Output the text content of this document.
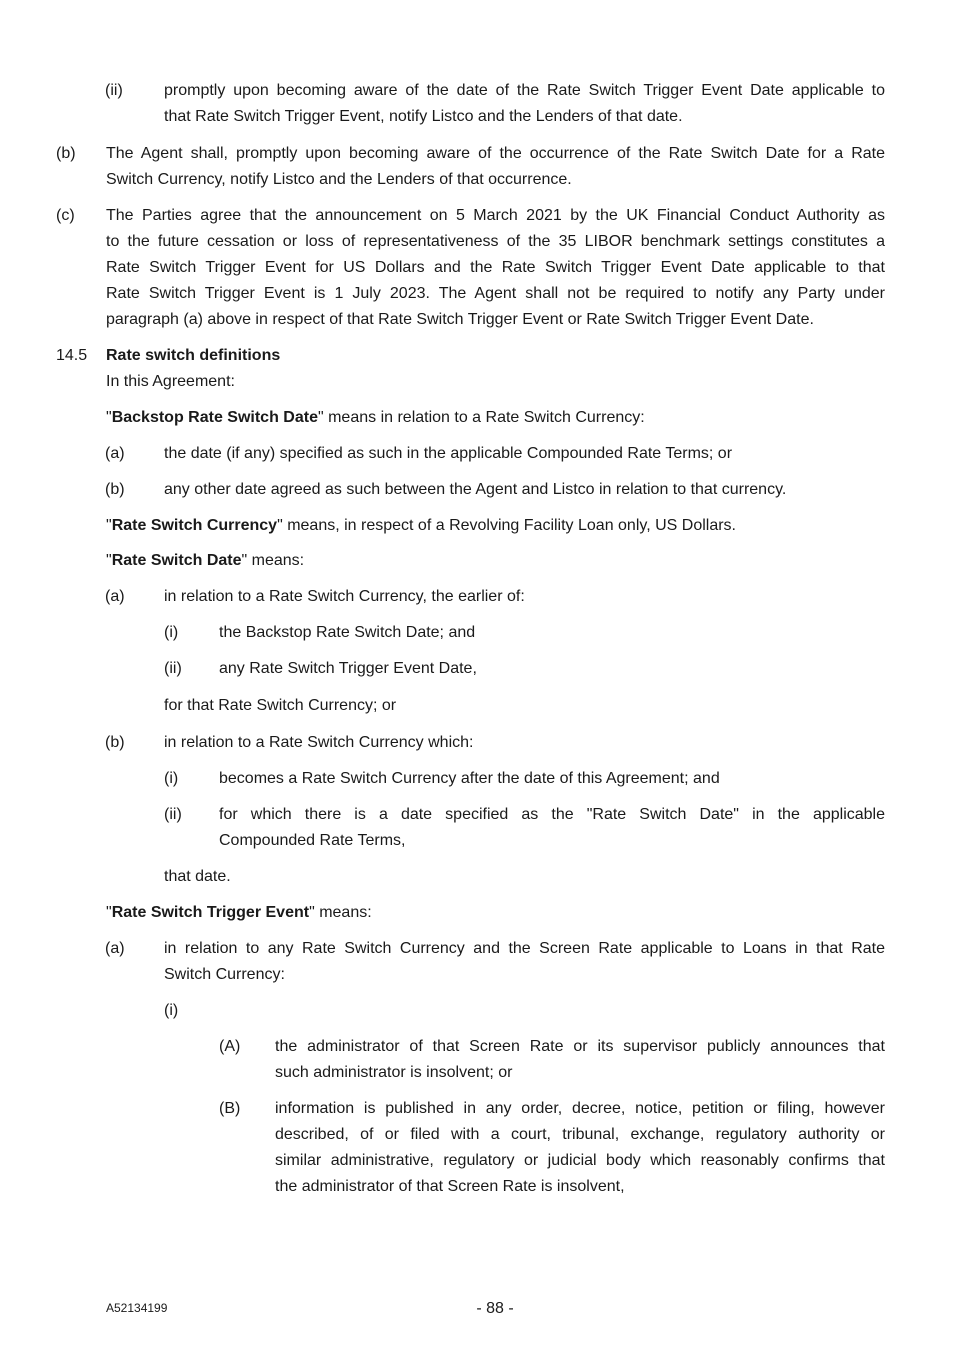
(ii)	promptly upon becoming aware of the date of the Rate Switch Trigger Event Date applicable to
that Rate Switch Trigger Event, notify Listco and the Lenders of that date.
(b) The Agent shall, promptly upon becoming aware of the occurrence of the Rate Switch Date for a Rate
Switch Currency, notify Listco and the Lenders of that occurrence.
(c) The Parties agree that the announcement on 5 March 2021 by the UK Financial Conduct Authority as
to the future cessation or loss of representativeness of the 35 LIBOR benchmark settings constitutes a
Rate Switch Trigger Event for US Dollars and the Rate Switch Trigger Event Date applicable to that
Rate Switch Trigger Event is 1 July 2023. The Agent shall not be required to notify any Party under
paragraph (a) above in respect of that Rate Switch Trigger Event or Rate Switch Trigger Event Date.
14.5 Rate switch definitions
In this Agreement:
"Backstop Rate Switch Date" means in relation to a Rate Switch Currency:
(a) the date (if any) specified as such in the applicable Compounded Rate Terms; or
(b) any other date agreed as such between the Agent and Listco in relation to that currency.
"Rate Switch Currency" means, in respect of a Revolving Facility Loan only, US Dollars.
"Rate Switch Date" means:
(a) in relation to a Rate Switch Currency, the earlier of:
(i)	the Backstop Rate Switch Date; and
(ii) any Rate Switch Trigger Event Date,
for that Rate Switch Currency; or
(b) in relation to a Rate Switch Currency which:
(i)	becomes a Rate Switch Currency after the date of this Agreement; and
(ii) for which there is a date specified as the "Rate Switch Date" in the applicable
Compounded Rate Terms,
that date.
"Rate Switch Trigger Event" means:
(a) in relation to any Rate Switch Currency and the Screen Rate applicable to Loans in that Rate
Switch Currency:
(i)
(A) the administrator of that Screen Rate or its supervisor publicly announces that
such administrator is insolvent; or
(B) information is published in any order, decree, notice, petition or filing, however
described, of or filed with a court, tribunal, exchange, regulatory authority or
similar administrative, regulatory or judicial body which reasonably confirms that
the administrator of that Screen Rate is insolvent,
A52134199	- 88 -
